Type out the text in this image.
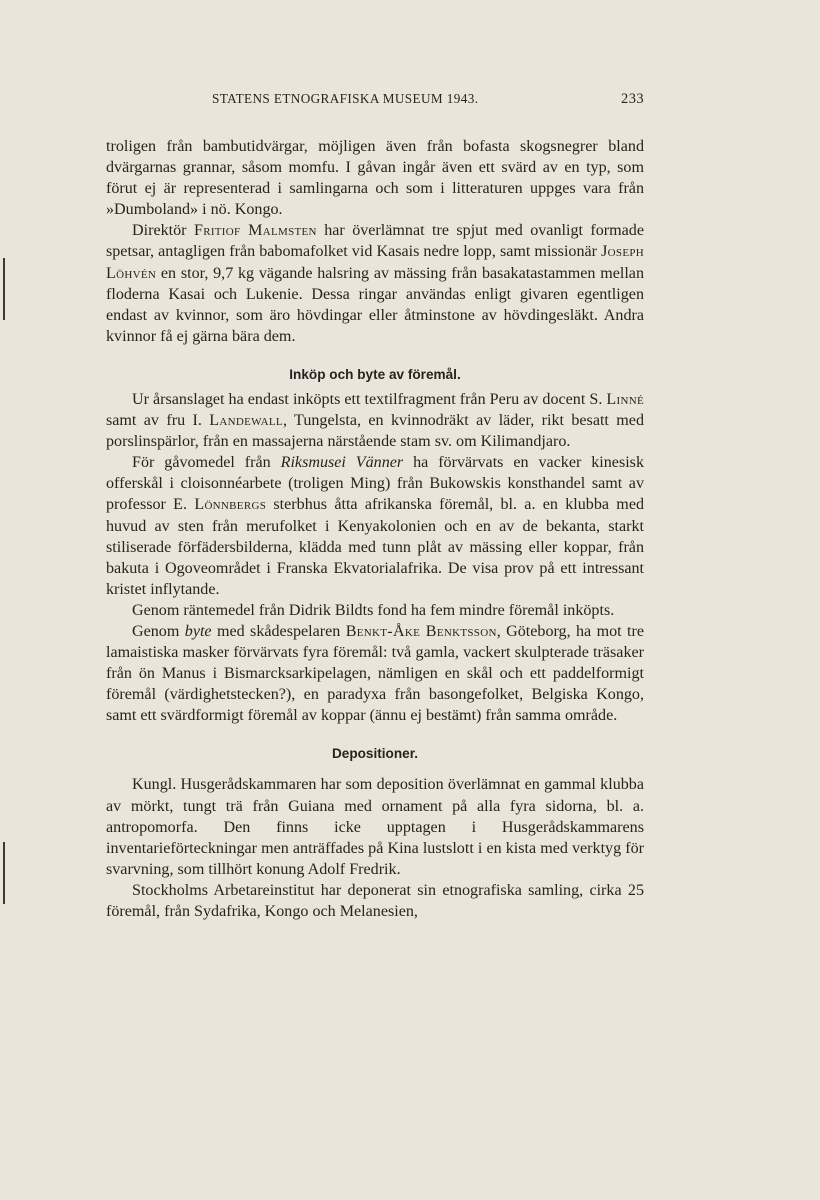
STATENS ETNOGRAFISKA MUSEUM 1943.	233

troligen från bambutidvärgar, möjligen även från bofasta skogsnegrer bland dvärgarnas grannar, såsom momfu. I gåvan ingår även ett svärd av en typ, som förut ej är representerad i samlingarna och som i litteraturen uppges vara från »Dumboland» i nö. Kongo.

Direktör Fritiof Malmsten har överlämnat tre spjut med ovanligt formade spetsar, antagligen från babomafolket vid Kasais nedre lopp, samt missionär Joseph Löhvén en stor, 9,7 kg vägande halsring av mässing från basakatastammen mellan floderna Kasai och Lukenie. Dessa ringar användas enligt givaren egentligen endast av kvinnor, som äro hövdingar eller åtminstone av hövdingesläkt. Andra kvinnor få ej gärna bära dem.

Inköp och byte av föremål.

Ur årsanslaget ha endast inköpts ett textilfragment från Peru av docent S. Linné samt av fru I. Landewall, Tungelsta, en kvinnodräkt av läder, rikt besatt med porslinspärlor, från en massajerna närstående stam sv. om Kilimandjaro.

För gåvomedel från Riksmusei Vänner ha förvärvats en vacker kinesisk offerskål i cloisonnéarbete (troligen Ming) från Bukowskis konsthandel samt av professor E. Lönnbergs sterbhus åtta afrikanska föremål, bl. a. en klubba med huvud av sten från merufolket i Kenyakolonien och en av de bekanta, starkt stiliserade förfädersbilderna, klädda med tunn plåt av mässing eller koppar, från bakuta i Ogoveområdet i Franska Ekvatorialafrika. De visa prov på ett intressant kristet inflytande.

Genom räntemedel från Didrik Bildts fond ha fem mindre föremål inköpts.

Genom byte med skådespelaren Benkt-Åke Benktsson, Göteborg, ha mot tre lamaistiska masker förvärvats fyra föremål: två gamla, vackert skulpterade träsaker från ön Manus i Bismarcksarkipelagen, nämligen en skål och ett paddelformigt föremål (värdighetstecken?), en paradyxa från basongefolket, Belgiska Kongo, samt ett svärdformigt föremål av koppar (ännu ej bestämt) från samma område.

Depositioner.

Kungl. Husgerådskammaren har som deposition överlämnat en gammal klubba av mörkt, tungt trä från Guiana med ornament på alla fyra sidorna, bl. a. antropomorfa. Den finns icke upptagen i Husgerådskammarens inventarieförteckningar men anträffades på Kina lustslott i en kista med verktyg för svarvning, som tillhört konung Adolf Fredrik.

Stockholms Arbetareinstitut har deponerat sin etnografiska samling, cirka 25 föremål, från Sydafrika, Kongo och Melanesien,
